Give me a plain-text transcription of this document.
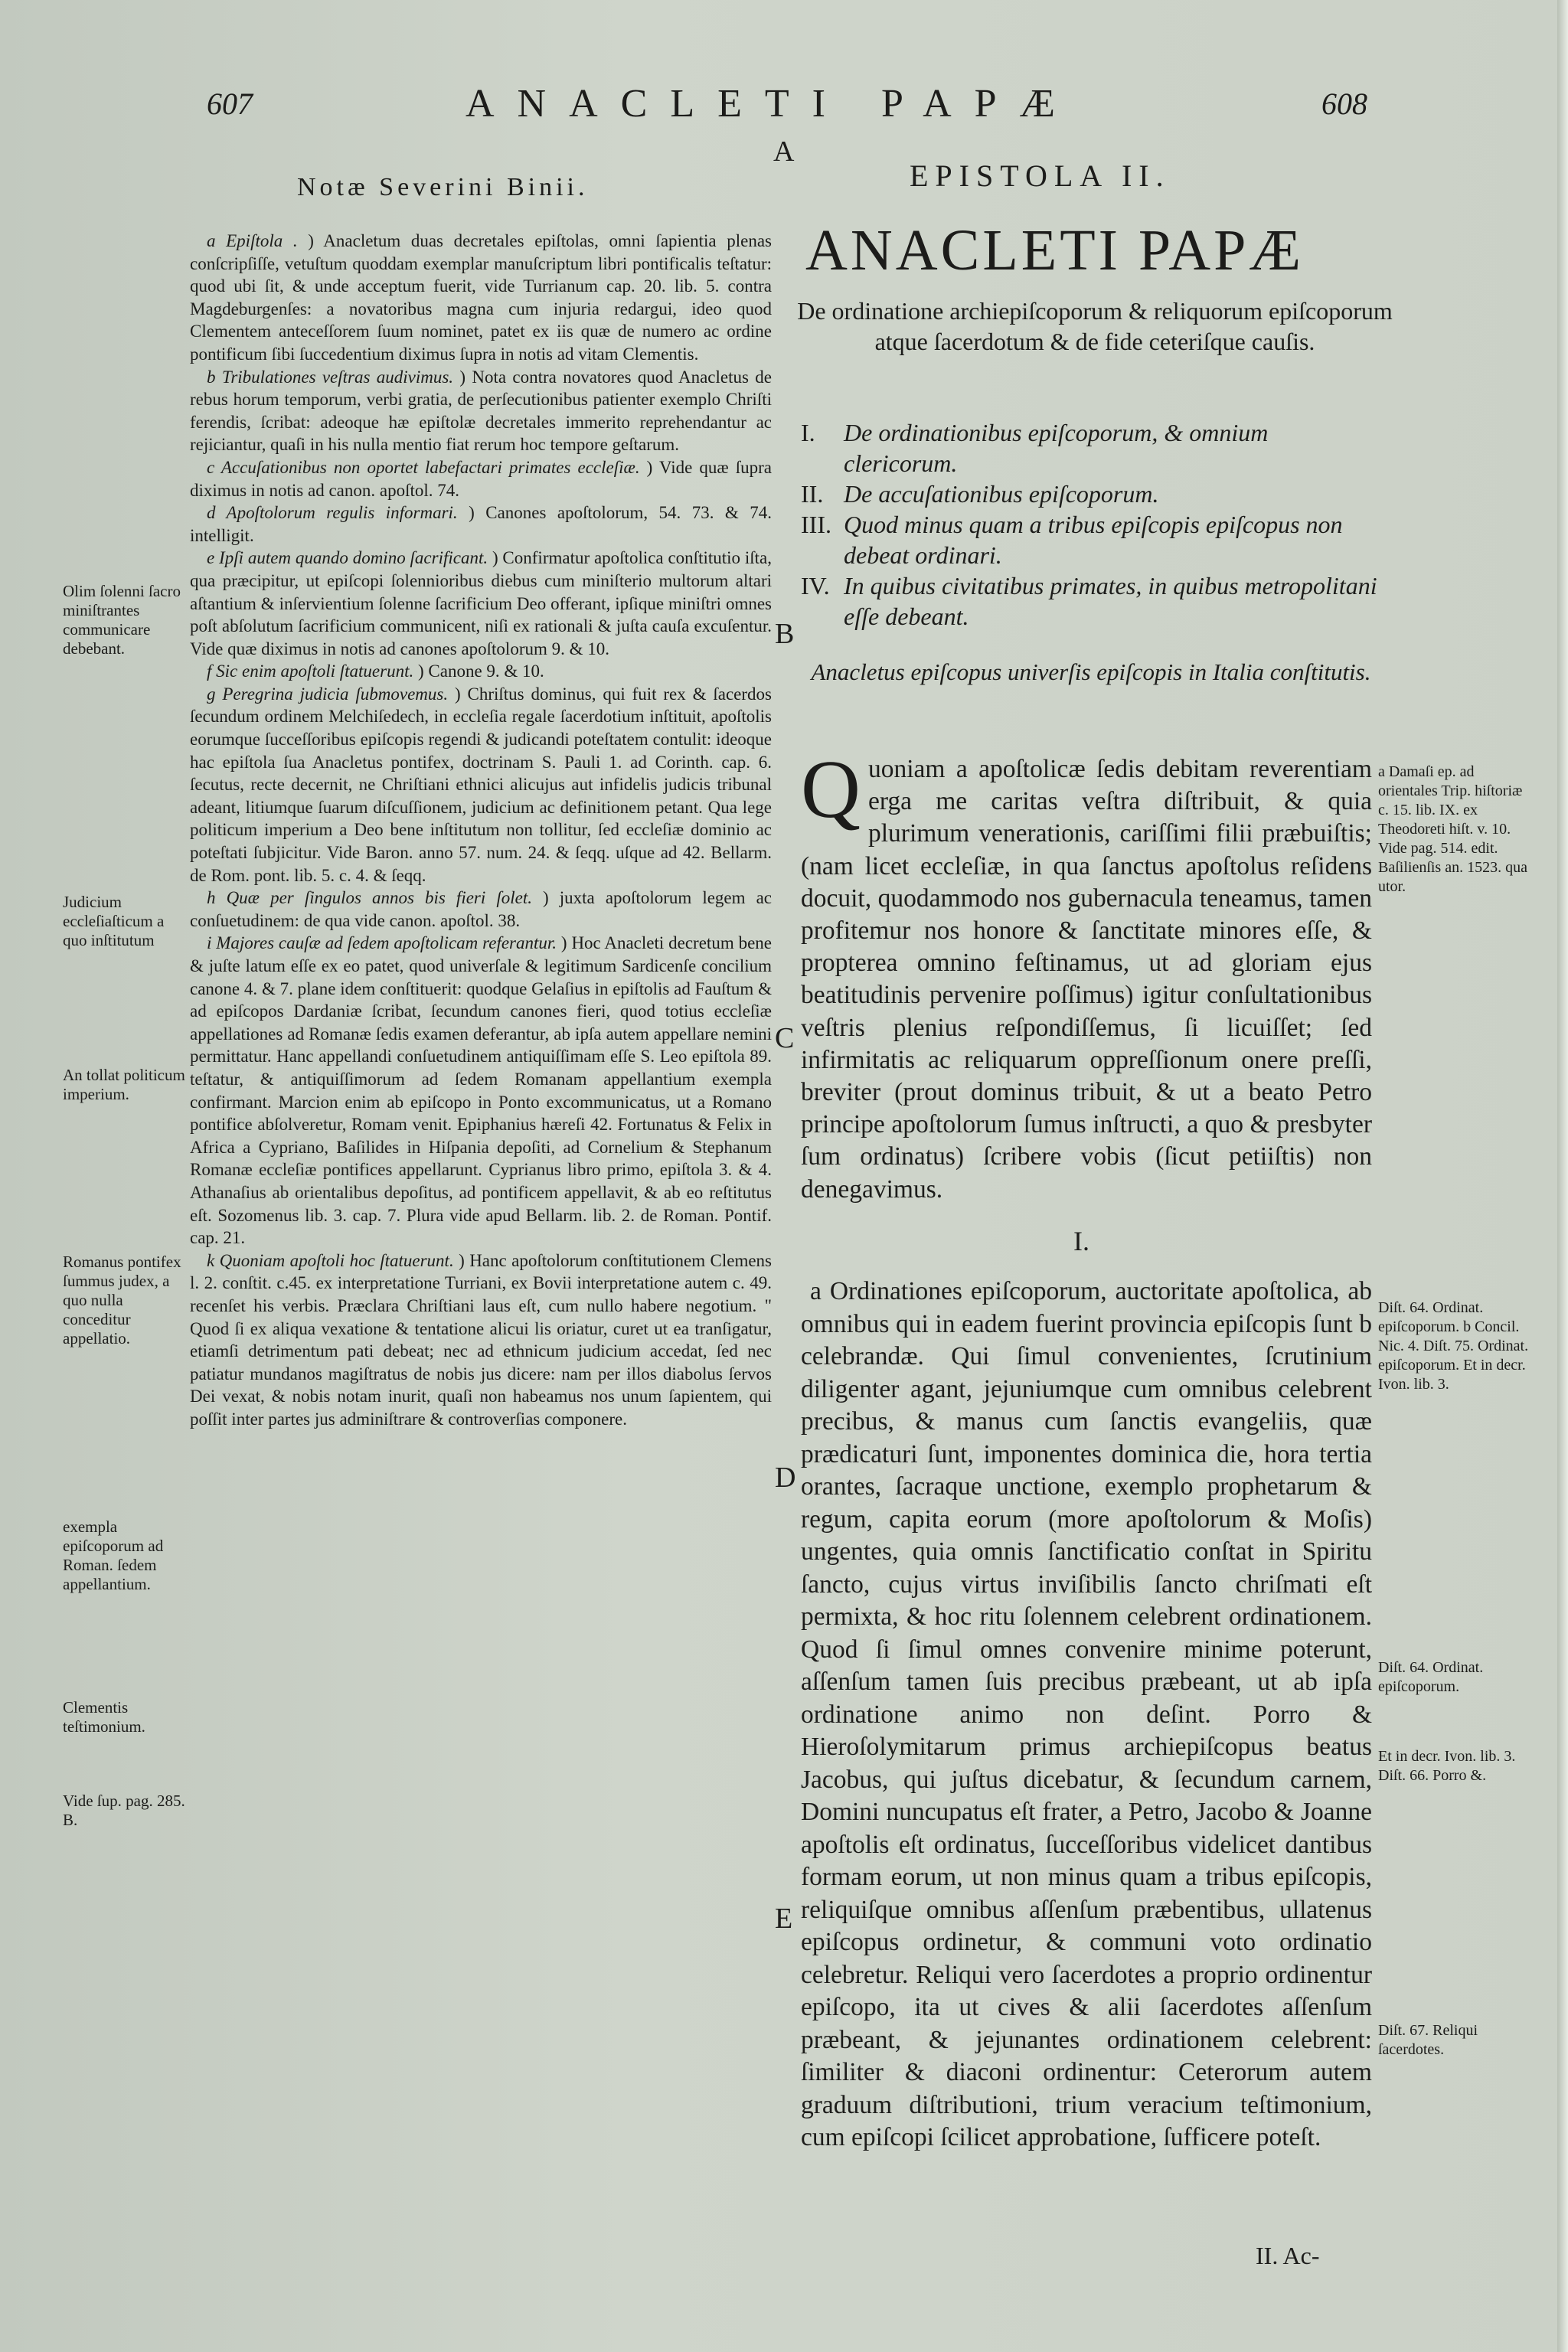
607	ANACLETI PAPÆ	608
A
Notæ Severini Binii.

a Epiſtola . ) Anacletum duas decretales epiſtolas, omni ſapientia plenas conſcripſiſſe, vetuſtum quoddam exemplar manuſcriptum libri pontificalis teſtatur: quod ubi ſit, & unde acceptum fuerit, vide Turrianum cap. 20. lib. 5. contra Magdeburgenſes: a novatoribus magna cum injuria redargui, ideo quod Clementem anteceſſorem ſuum nominet, patet ex iis quæ de numero ac ordine pontificum ſibi ſuccedentium diximus ſupra in notis ad vitam Clementis.

b Tribulationes veſtras audivimus. ) Nota contra novatores quod Anacletus de rebus horum temporum, verbi gratia, de perſecutionibus patienter exemplo Chriſti ferendis, ſcribat: adeoque hæ epiſtolæ decretales immerito reprehendantur ac rejiciantur, quaſi in his nulla mentio fiat rerum hoc tempore geſtarum.

c Accuſationibus non oportet labefactari primates eccleſiæ. ) Vide quæ ſupra diximus in notis ad canon. apoſtol. 74.

d Apoſtolorum regulis informari. ) Canones apoſtolorum, 54. 73. & 74. intelligit.

e Ipſi autem quando domino ſacrificant. ) Confirmatur apoſtolica conſtitutio iſta, qua præcipitur, ut epiſcopi ſolennioribus diebus cum miniſterio multorum altari aſtantium & inſervientium ſolenne ſacrificium Deo offerant, ipſique miniſtri omnes poſt abſolutum ſacrificium communicent, niſi ex rationali & juſta cauſa excuſentur. Vide quæ diximus in notis ad canones apoſtolorum 9. & 10.

f Sic enim apoſtoli ſtatuerunt. ) Canone 9. & 10.

g Peregrina judicia ſubmovemus. ) Chriſtus dominus, qui fuit rex & ſacerdos ſecundum ordinem Melchiſedech, in eccleſia regale ſacerdotium inſtituit, apoſtolis eorumque ſucceſſoribus epiſcopis regendi & judicandi poteſtatem contulit: ideoque hac epiſtola ſua Anacletus pontifex, doctrinam S. Pauli 1. ad Corinth. cap. 6. ſecutus, recte decernit, ne Chriſtiani ethnici alicujus aut infidelis judicis tribunal adeant, litiumque ſuarum diſcuſſionem, judicium ac definitionem petant. Qua lege politicum imperium a Deo bene inſtitutum non tollitur, ſed eccleſiæ dominio ac poteſtati ſubjicitur. Vide Baron. anno 57. num. 24. & ſeqq. uſque ad 42. Bellarm. de Rom. pont. lib. 5. c. 4. & ſeqq.

h Quæ per ſingulos annos bis fieri ſolet. ) juxta apoſtolorum legem ac conſuetudinem: de qua vide canon. apoſtol. 38.

i Majores cauſæ ad ſedem apoſtolicam referantur. ) Hoc Anacleti decretum bene & juſte latum eſſe ex eo patet, quod univerſale & legitimum Sardicenſe concilium canone 4. & 7. plane idem conſtituerit: quodque Gelaſius in epiſtolis ad Fauſtum & ad epiſcopos Dardaniæ ſcribat, ſecundum canones fieri, quod totius eccleſiæ appellationes ad Romanæ ſedis examen deferantur, ab ipſa autem appellare nemini permittatur. Hanc appellandi conſuetudinem antiquiſſimam eſſe S. Leo epiſtola 89. teſtatur, & antiquiſſimorum ad ſedem Romanam appellantium exempla confirmant. Marcion enim ab epiſcopo in Ponto excommunicatus, ut a Romano pontifice abſolveretur, Romam venit. Epiphanius hæreſi 42. Fortunatus & Felix in Africa a Cypriano, Baſilides in Hiſpania depoſiti, ad Cornelium & Stephanum Romanæ eccleſiæ pontifices appellarunt. Cyprianus libro primo, epiſtola 3. & 4. Athanaſius ab orientalibus depoſitus, ad pontificem appellavit, & ab eo reſtitutus eſt. Sozomenus lib. 3. cap. 7. Plura vide apud Bellarm. lib. 2. de Roman. Pontif. cap. 21.

k Quoniam apoſtoli hoc ſtatuerunt. ) Hanc apoſtolorum conſtitutionem Clemens l. 2. conſtit. c.45. ex interpretatione Turriani, ex Bovii interpretatione autem c. 49. recenſet his verbis. Præclara Chriſtiani laus eſt, cum nullo habere negotium. " Quod ſi ex aliqua vexatione & tentatione alicui lis oriatur, curet ut ea tranſigatur, etiamſi detrimentum pati debeat; nec ad ethnicum judicium accedat, ſed nec patiatur mundanos magiſtratus de nobis jus dicere: nam per illos diabolus ſervos Dei vexat, & nobis notam inurit, quaſi non habeamus nos unum ſapientem, qui poſſit inter partes jus adminiſtrare & controverſias componere.

Olim ſolenni ſacro miniſtrantes communicare debebant.
Judicium eccleſiaſticum a quo inſtitutum
An tollat politicum imperium.
Romanus pontifex ſummus judex, a quo nulla conceditur appellatio.
exempla epiſcoporum ad Roman. ſedem appellantium.
Clementis teſtimonium.
Vide ſup. pag. 285. B.
EPISTOLA II.
ANACLETI PAPÆ
De ordinatione archiepiſcoporum & reliquorum epiſcoporum atque ſacerdotum & de fide ceteriſque cauſis.
I.	De ordinationibus epiſcoporum, & omnium clericorum.
II. De accuſationibus epiſcoporum.
III. Quod minus quam a tribus epiſcopis epiſcopus non debeat ordinari.
IV. In quibus civitatibus primates, in quibus metropolitani eſſe debeant.
Anacletus epiſcopus univerſis epiſcopis in Italia conſtitutis.

Quoniam a apoſtolicæ ſedis debitam reverentiam erga me caritas veſtra diſtribuit, & quia plurimum venerationis, cariſſimi filii præbuiſtis; (nam licet eccleſiæ, in qua ſanctus apoſtolus reſidens docuit, quodammodo nos gubernacula teneamus, tamen profitemur nos honore & ſanctitate minores eſſe, & propterea omnino feſtinamus, ut ad gloriam ejus beatitudinis pervenire poſſimus) igitur conſultationibus veſtris plenius reſpondiſſemus, ſi licuiſſet; ſed infirmitatis ac reliquarum oppreſſionum onere preſſi, breviter (prout dominus tribuit, & ut a beato Petro principe apoſtolorum ſumus inſtructi, a quo & presbyter ſum ordinatus) ſcribere vobis (ſicut petiiſtis) non denegavimus.

I.

a Ordinationes epiſcoporum, auctoritate apoſtolica, ab omnibus qui in eadem fuerint provincia epiſcopis ſunt b celebrandæ. Qui ſimul convenientes, ſcrutinium diligenter agant, jejuniumque cum omnibus celebrent precibus, & manus cum ſanctis evangeliis, quæ prædicaturi ſunt, imponentes dominica die, hora tertia orantes, ſacraque unctione, exemplo prophetarum & regum, capita eorum (more apoſtolorum & Moſis) ungentes, quia omnis ſanctificatio conſtat in Spiritu ſancto, cujus virtus inviſibilis ſancto chriſmati eſt permixta, & hoc ritu ſolennem celebrent ordinationem. Quod ſi ſimul omnes convenire minime poterunt, aſſenſum tamen ſuis precibus præbeant, ut ab ipſa ordinatione animo non deſint. Porro & Hieroſolymitarum primus archiepiſcopus beatus Jacobus, qui juſtus dicebatur, & ſecundum carnem, Domini nuncupatus eſt frater, a Petro, Jacobo & Joanne apoſtolis eſt ordinatus, ſucceſſoribus videlicet dantibus formam eorum, ut non minus quam a tribus epiſcopis, reliquiſque omnibus aſſenſum præbentibus, ullatenus epiſcopus ordinetur, & communi voto ordinatio celebretur. Reliqui vero ſacerdotes a proprio ordinentur epiſcopo, ita ut cives & alii ſacerdotes aſſenſum præbeant, & jejunantes ordinationem celebrent: ſimiliter & diaconi ordinentur: Ceterorum autem graduum diſtributioni, trium veracium teſtimonium, cum epiſcopi ſcilicet approbatione, ſufficere poteſt.

II. Ac-
a Damaſi ep. ad orientales Trip. hiſtoriæ c. 15. lib. IX. ex Theodoreti hiſt. v. 10. Vide pag. 514. edit. Baſilienſis an. 1523. qua utor.
Diſt. 64. Ordinat. epiſcoporum. b Concil. Nic. 4. Diſt. 75. Ordinat. epiſcoporum. Et in decr. Ivon. lib. 3.
Diſt. 64. Ordinat. epiſcoporum.
Et in decr. Ivon. lib. 3. Diſt. 66. Porro &.
Diſt. 67. Reliqui ſacerdotes.
B
C
D
E
